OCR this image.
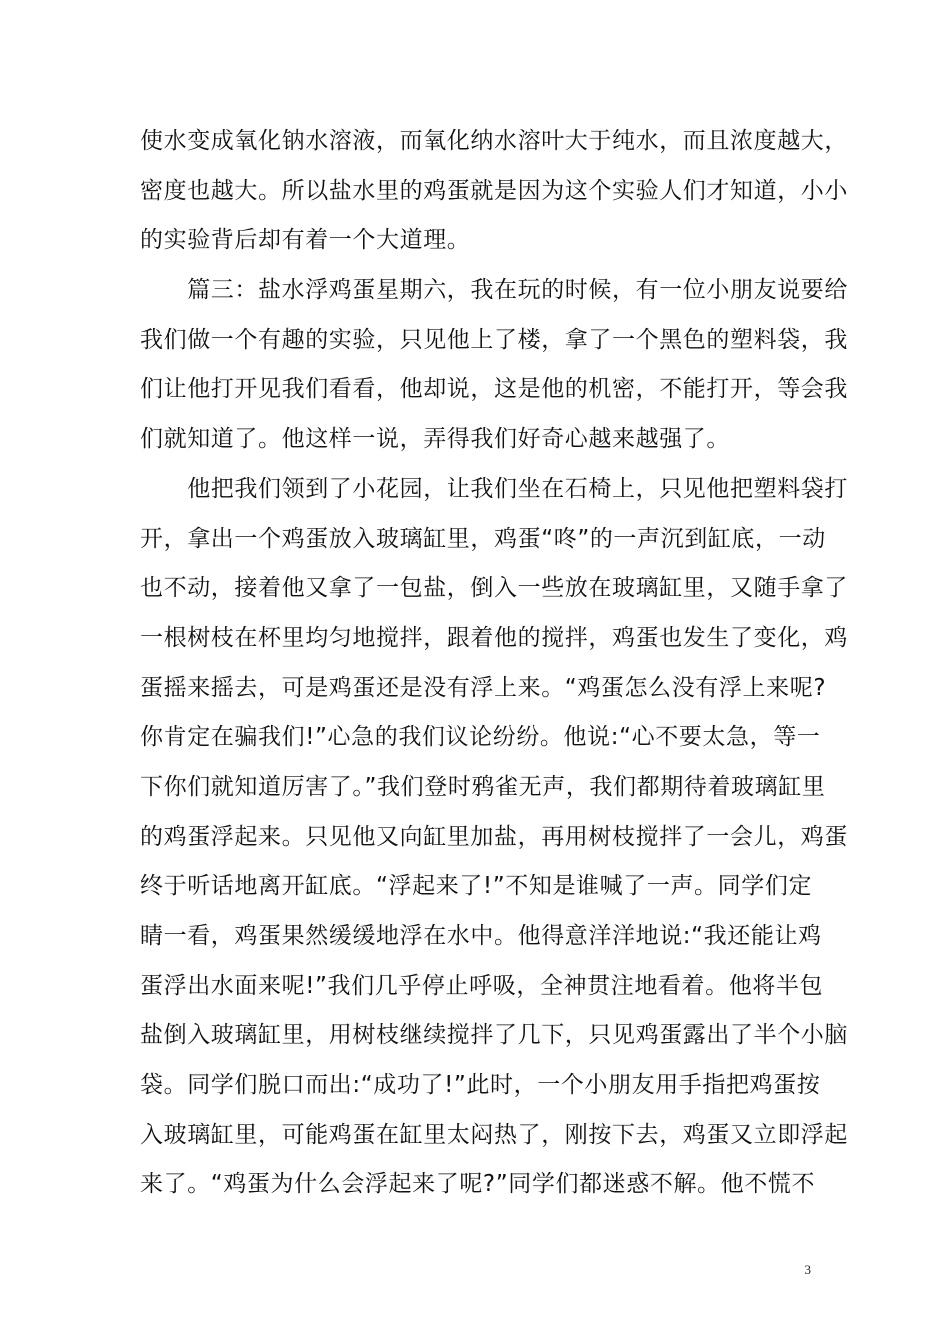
使水变成氧化钠水溶液，而氧化纳水溶叶大于纯水，而且浓度越大，
密度也越大。所以盐水里的鸡蛋就是因为这个实验人们才知道，小小
的实验背后却有着一个大道理。
　　篇三：盐水浮鸡蛋星期六，我在玩的时候，有一位小朋友说要给
我们做一个有趣的实验，只见他上了楼，拿了一个黑色的塑料袋，我
们让他打开见我们看看，他却说，这是他的机密，不能打开，等会我
们就知道了。他这样一说，弄得我们好奇心越来越强了。
　　他把我们领到了小花园，让我们坐在石椅上，只见他把塑料袋打
开，拿出一个鸡蛋放入玻璃缸里，鸡蛋“咚”的一声沉到缸底，一动
也不动，接着他又拿了一包盐，倒入一些放在玻璃缸里，又随手拿了
一根树枝在杯里均匀地搅拌，跟着他的搅拌，鸡蛋也发生了变化，鸡
蛋摇来摇去，可是鸡蛋还是没有浮上来。“鸡蛋怎么没有浮上来呢?
你肯定在骗我们!”心急的我们议论纷纷。他说:“心不要太急，等一
下你们就知道厉害了。”我们登时鸦雀无声，我们都期待着玻璃缸里
的鸡蛋浮起来。只见他又向缸里加盐，再用树枝搅拌了一会儿，鸡蛋
终于听话地离开缸底。“浮起来了!”不知是谁喊了一声。同学们定
睛一看，鸡蛋果然缓缓地浮在水中。他得意洋洋地说:“我还能让鸡
蛋浮出水面来呢!”我们几乎停止呼吸，全神贯注地看着。他将半包
盐倒入玻璃缸里，用树枝继续搅拌了几下，只见鸡蛋露出了半个小脑
袋。同学们脱口而出:“成功了!”此时，一个小朋友用手指把鸡蛋按
入玻璃缸里，可能鸡蛋在缸里太闷热了，刚按下去，鸡蛋又立即浮起
来了。“鸡蛋为什么会浮起来了呢?”同学们都迷惑不解。他不慌不
3
